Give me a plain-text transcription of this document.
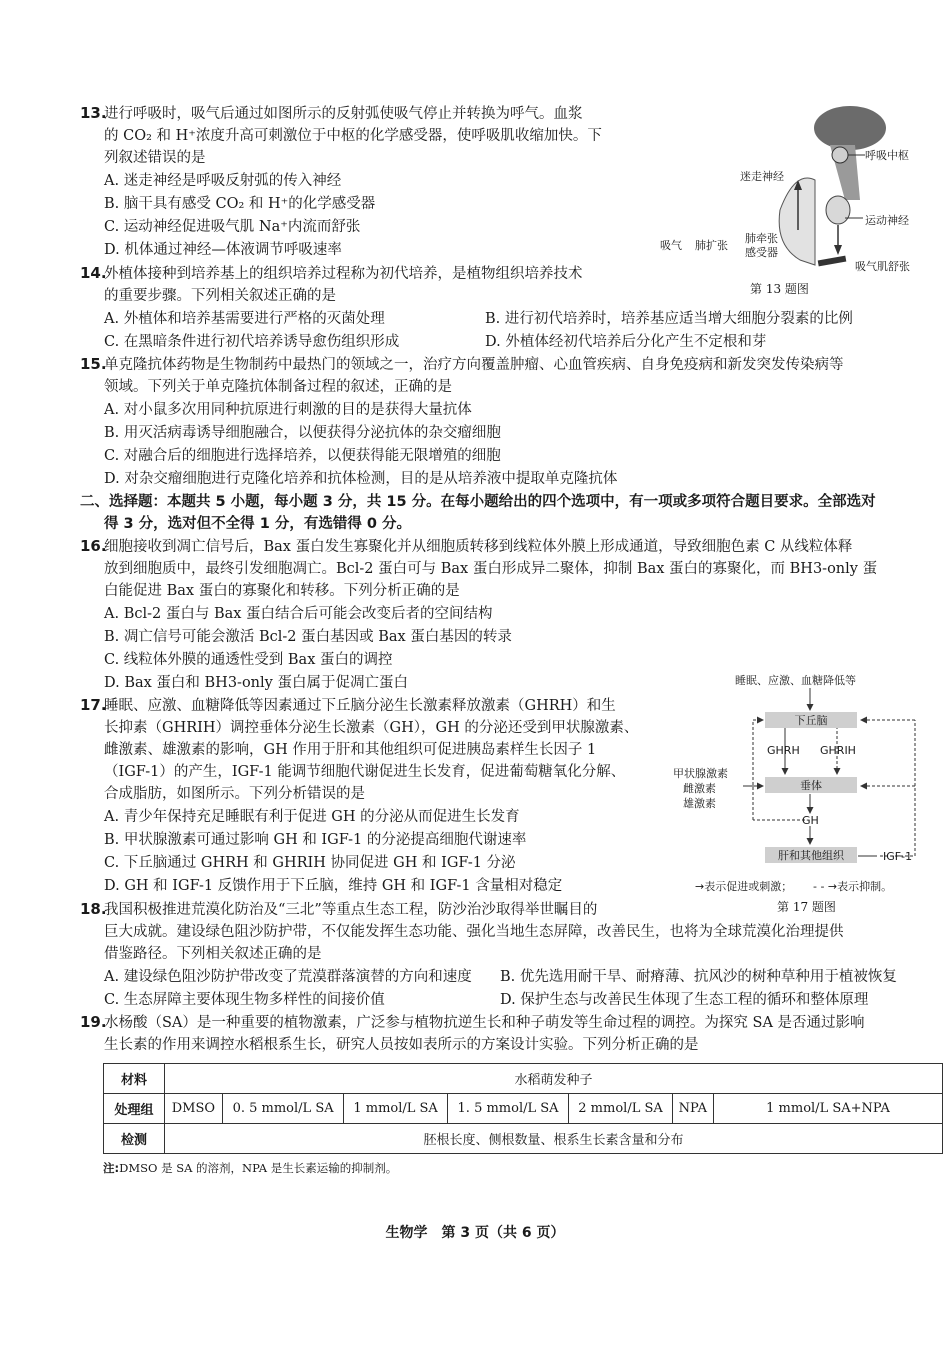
13.
进行呼吸时，吸气后通过如图所示的反射弧使吸气停止并转换为呼气。血浆
的 CO₂ 和 H⁺浓度升高可刺激位于中枢的化学感受器，使呼吸肌收缩加快。下
列叙述错误的是
A. 迷走神经是呼吸反射弧的传入神经
B. 脑干具有感受 CO₂ 和 H⁺的化学感受器
C. 运动神经促进吸气肌 Na⁺内流而舒张
D. 机体通过神经—体液调节呼吸速率
呼吸中枢
迷走神经
运动神经
吸气 肺扩张
肺牵张
感受器
吸气肌舒张
第 13 题图
14.
外植体接种到培养基上的组织培养过程称为初代培养，是植物组织培养技术
的重要步骤。下列相关叙述正确的是
A. 外植体和培养基需要进行严格的灭菌处理	B. 进行初代培养时，培养基应适当增大细胞分裂素的比例
C. 在黑暗条件进行初代培养诱导愈伤组织形成	D. 外植体经初代培养后分化产生不定根和芽
15.
单克隆抗体药物是生物制药中最热门的领域之一，治疗方向覆盖肿瘤、心血管疾病、自身免疫病和新发突发传染病等
领域。下列关于单克隆抗体制备过程的叙述，正确的是
A. 对小鼠多次用同种抗原进行刺激的目的是获得大量抗体
B. 用灭活病毒诱导细胞融合，以便获得分泌抗体的杂交瘤细胞
C. 对融合后的细胞进行选择培养，以便获得能无限增殖的细胞
D. 对杂交瘤细胞进行克隆化培养和抗体检测，目的是从培养液中提取单克隆抗体
二、选择题：本题共 5 小题，每小题 3 分，共 15 分。在每小题给出的四个选项中，有一项或多项符合题目要求。全部选对
得 3 分，选对但不全得 1 分，有选错得 0 分。
16.
细胞接收到凋亡信号后，Bax 蛋白发生寡聚化并从细胞质转移到线粒体外膜上形成通道，导致细胞色素 C 从线粒体释
放到细胞质中，最终引发细胞凋亡。Bcl-2 蛋白可与 Bax 蛋白形成异二聚体，抑制 Bax 蛋白的寡聚化，而 BH3-only 蛋
白能促进 Bax 蛋白的寡聚化和转移。下列分析正确的是
A. Bcl-2 蛋白与 Bax 蛋白结合后可能会改变后者的空间结构
B. 凋亡信号可能会激活 Bcl-2 蛋白基因或 Bax 蛋白基因的转录
C. 线粒体外膜的通透性受到 Bax 蛋白的调控
D. Bax 蛋白和 BH3-only 蛋白属于促凋亡蛋白
17.
睡眠、应激、血糖降低等因素通过下丘脑分泌生长激素释放激素（GHRH）和生
长抑素（GHRIH）调控垂体分泌生长激素（GH），GH 的分泌还受到甲状腺激素、
雌激素、雄激素的影响，GH 作用于肝和其他组织可促进胰岛素样生长因子 1
（IGF-1）的产生，IGF-1 能调节细胞代谢促进生长发育，促进葡萄糖氧化分解、
合成脂肪，如图所示。下列分析错误的是
A. 青少年保持充足睡眠有利于促进 GH 的分泌从而促进生长发育
B. 甲状腺激素可通过影响 GH 和 IGF-1 的分泌提高细胞代谢速率
C. 下丘脑通过 GHRH 和 GHRIH 协同促进 GH 和 IGF-1 分泌
D. GH 和 IGF-1 反馈作用于下丘脑，维持 GH 和 IGF-1 含量相对稳定
睡眠、应激、血糖降低等
下丘脑
GHRH GHRIH
垂体
甲状腺激素
雌激素
雄激素
GH
肝和其他组织	IGF-1
→表示促进或刺激； - - →表示抑制。
第 17 题图
18.
我国积极推进荒漠化防治及“三北”等重点生态工程，防沙治沙取得举世瞩目的
巨大成就。建设绿色阻沙防护带，不仅能发挥生态功能、强化当地生态屏障，改善民生，也将为全球荒漠化治理提供
借鉴路径。下列相关叙述正确的是
A. 建设绿色阻沙防护带改变了荒漠群落演替的方向和速度 B. 优先选用耐干旱、耐瘠薄、抗风沙的树种草种用于植被恢复
C. 生态屏障主要体现生物多样性的间接价值	D. 保护生态与改善民生体现了生态工程的循环和整体原理
19.
水杨酸（SA）是一种重要的植物激素，广泛参与植物抗逆生长和种子萌发等生命过程的调控。为探究 SA 是否通过影响
生长素的作用来调控水稻根系生长，研究人员按如表所示的方案设计实验。下列分析正确的是
材料	水稻萌发种子						
处理组	DMSO	0. 5 mmol/L SA	1 mmol/L SA	1. 5 mmol/L SA	2 mmol/L SA	NPA	1 mmol/L SA+NPA
检测	胚根长度、侧根数量、根系生长素含量和分布						
注:DMSO 是 SA 的溶剂，NPA 是生长素运输的抑制剂。
生物学　第 3 页（共 6 页）
